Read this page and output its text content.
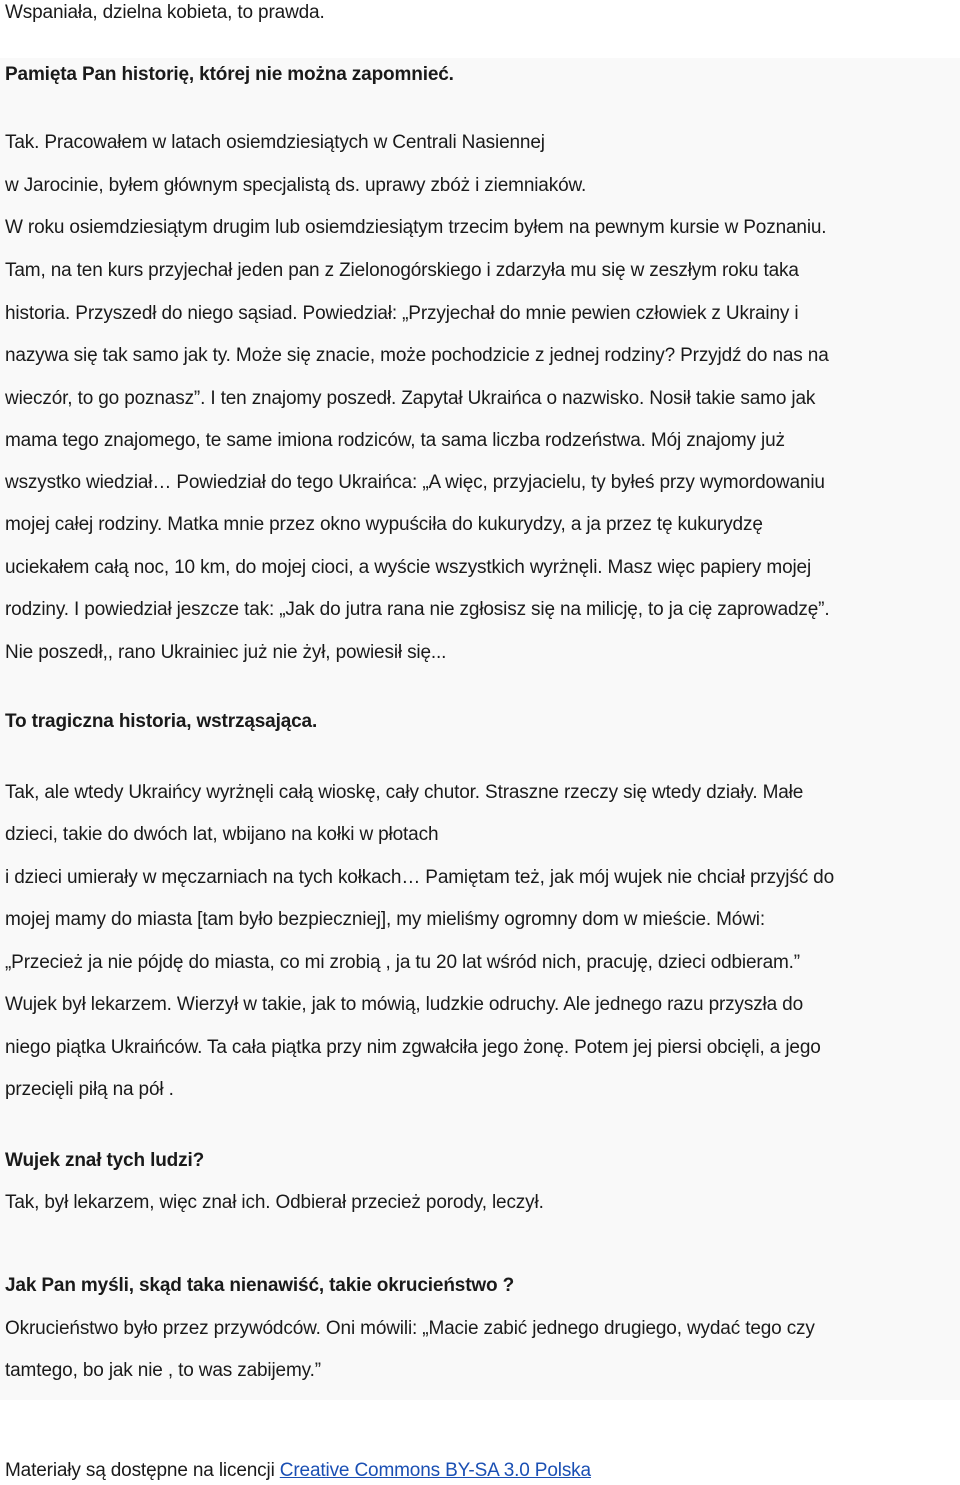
Wspaniała, dzielna kobieta, to prawda.
Pamięta Pan historię, której nie można zapomnieć.
Tak. Pracowałem w latach osiemdziesiątych w Centrali Nasiennej
w Jarocinie, byłem głównym specjalistą ds. uprawy zbóż i ziemniaków.
W roku osiemdziesiątym drugim lub osiemdziesiątym trzecim byłem na pewnym kursie w Poznaniu.
Tam, na ten kurs przyjechał jeden pan z Zielonogórskiego i zdarzyła mu się w zeszłym roku taka
historia. Przyszedł do niego sąsiad. Powiedział: „Przyjechał do mnie pewien człowiek z Ukrainy i
nazywa się tak samo jak ty. Może się znacie, może pochodzicie z jednej rodziny? Przyjdź do nas na
wieczór, to go poznasz”. I ten znajomy poszedł. Zapytał Ukraińca o nazwisko. Nosił takie samo jak
mama tego znajomego, te same imiona rodziców, ta sama liczba rodzeństwa. Mój znajomy już
wszystko wiedział… Powiedział do tego Ukraińca: „A więc, przyjacielu, ty byłeś przy wymordowaniu
mojej całej rodziny. Matka mnie przez okno wypuściła do kukurydzy, a ja przez tę kukurydzę
uciekałem całą noc, 10 km, do mojej cioci, a wyście wszystkich wyrżnęli. Masz więc papiery mojej
rodziny. I powiedział jeszcze tak: „Jak do jutra rana nie zgłosisz się na milicję, to ja cię zaprowadzę”.
Nie poszedł,, rano Ukrainiec już nie żył, powiesił się...
To tragiczna historia, wstrząsająca.
Tak, ale wtedy Ukraińcy wyrżnęli całą wioskę, cały chutor. Straszne rzeczy się wtedy działy. Małe
dzieci, takie do dwóch lat, wbijano na kołki w płotach
i dzieci umierały w męczarniach na tych kołkach… Pamiętam też, jak mój wujek nie chciał przyjść do
mojej mamy do miasta [tam było bezpieczniej], my mieliśmy ogromny dom w mieście. Mówi:
„Przecież ja nie pójdę do miasta, co mi zrobią , ja tu 20 lat wśród nich, pracuję, dzieci odbieram.”
Wujek był lekarzem. Wierzył w takie, jak to mówią, ludzkie odruchy. Ale jednego razu przyszła do
niego piątka Ukraińców. Ta cała piątka przy nim zgwałciła jego żonę. Potem jej piersi obcięli, a jego
przecięli piłą na pół .
Wujek znał tych ludzi?
Tak, był lekarzem, więc znał ich. Odbierał przecież porody, leczył.
Jak Pan myśli, skąd taka nienawiść, takie okrucieństwo ?
Okrucieństwo było przez przywódców. Oni mówili: „Macie zabić jednego drugiego, wydać tego czy
tamtego, bo jak nie , to was zabijemy.”
Materiały są dostępne na licencji Creative Commons BY-SA 3.0 Polska
